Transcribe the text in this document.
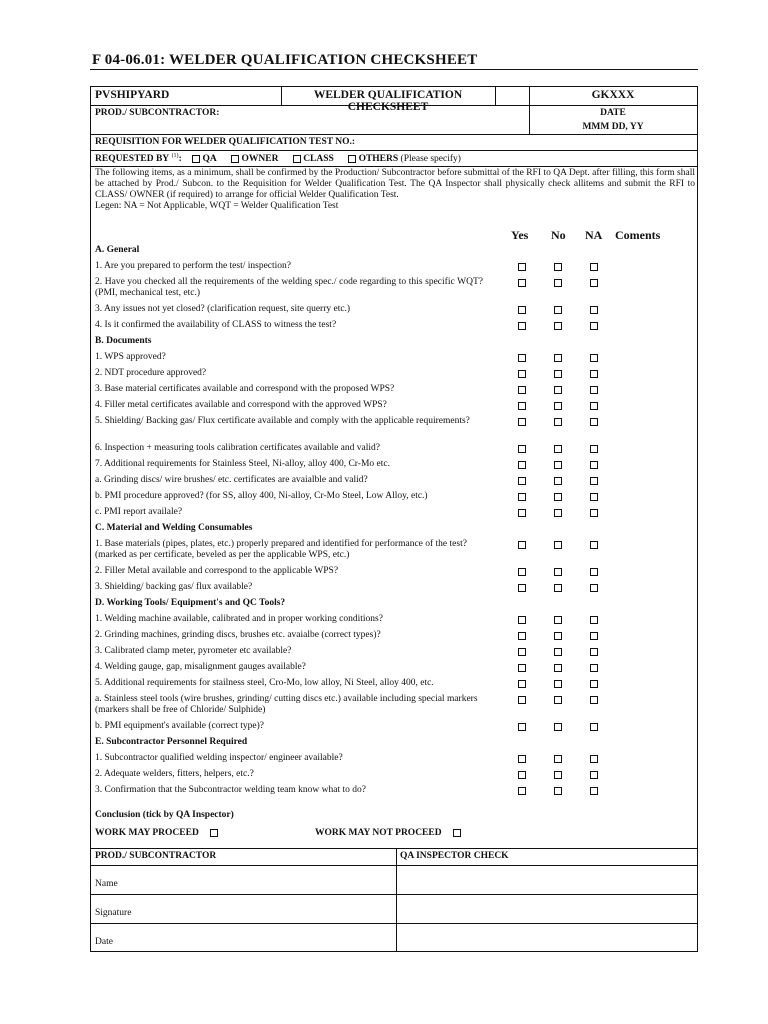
F 04-06.01: WELDER QUALIFICATION CHECKSHEET
PVSHIPYARD	WELDER QUALIFICATION CHECKSHEET
GKXXX
PROD./ SUBCONTRACTOR:	DATE
MMM DD, YY
REQUISITION FOR WELDER QUALIFICATION TEST NO.:
REQUESTED BY $^{(1)}$: QA	OWNER	CLASS	OTHERS (Please specify)
The following items, as a minimum, shall be confirmed by the Production/ Subcontractor before submittal of the RFI to QA Dept. after filling, this form shall be attached by Prod./ Subcon. to the Requisition for Welder Qualification Test. The QA Inspector shall physically check allitems and submit the RFI to CLASS/ OWNER (if required) to arrange for official Welder Qualification Test.
Legen: NA = Not Applicable, WQT = Welder Qualification Test
Yes No NA Coments
Conclusion (tick by QA Inspector)
WORK MAY PROCEED	WORK MAY NOT PROCEED
PROD./ SUBCONTRACTOR	QA INSPECTOR CHECK
Name
Signature
Date
A. General
1. Are you prepared to perform the test/ inspection?
2. Have you checked all the requirements of the welding spec./ code regarding to this specific WQT? (PMI, mechanical test, etc.)
3. Any issues not yet closed? (clarification request, site querry etc.)
4. Is it confirmed the availability of CLASS to witness the test?
B. Documents
1. WPS approved?
2. NDT procedure approved?
3. Base material certificates available and correspond with the proposed WPS?
4. Filler metal certificates available and correspond with the approved WPS?
5. Shielding/ Backing gas/ Flux certificate available and comply with the applicable requirements?
6. Inspection + measuring tools calibration certificates available and valid?
7. Additional requirements for Stainless Steel, Ni-alloy, alloy 400, Cr-Mo etc.
a. Grinding discs/ wire brushes/ etc. certificates are avaialble and valid?
b. PMI procedure approved? (for SS, alloy 400, Ni-alloy, Cr-Mo Steel, Low Alloy, etc.)
c. PMI report availale?
C. Material and Welding Consumables
1. Base materials (pipes, plates, etc.) properly prepared and identified for performance of the test? (marked as per certificate, beveled as per the applicable WPS, etc.)
2. Filler Metal available and correspond to the applicable WPS?
3. Shielding/ backing gas/ flux available?
D. Working Tools/ Equipment's and QC Tools?
1. Welding machine available, calibrated and in proper working conditions?
2. Grinding machines, grinding discs, brushes etc. avaialbe (correct types)?
3. Calibrated clamp meter, pyrometer etc available?
4. Welding gauge, gap, misalignment gauges available?
5. Additional requirements for stailness steel, Cro-Mo, low alloy, Ni Steel, alloy 400, etc.
a. Stainless steel tools (wire brushes, grinding/ cutting discs etc.) available including special markers (markers shall be free of Chloride/ Sulphide)
b. PMI equipment's available (correct type)?
E. Subcontractor Personnel Required
1. Subcontractor qualified welding inspector/ engineer available?
2. Adequate welders, fitters, helpers, etc.?
3. Confirmation that the Subcontractor welding team know what to do?
